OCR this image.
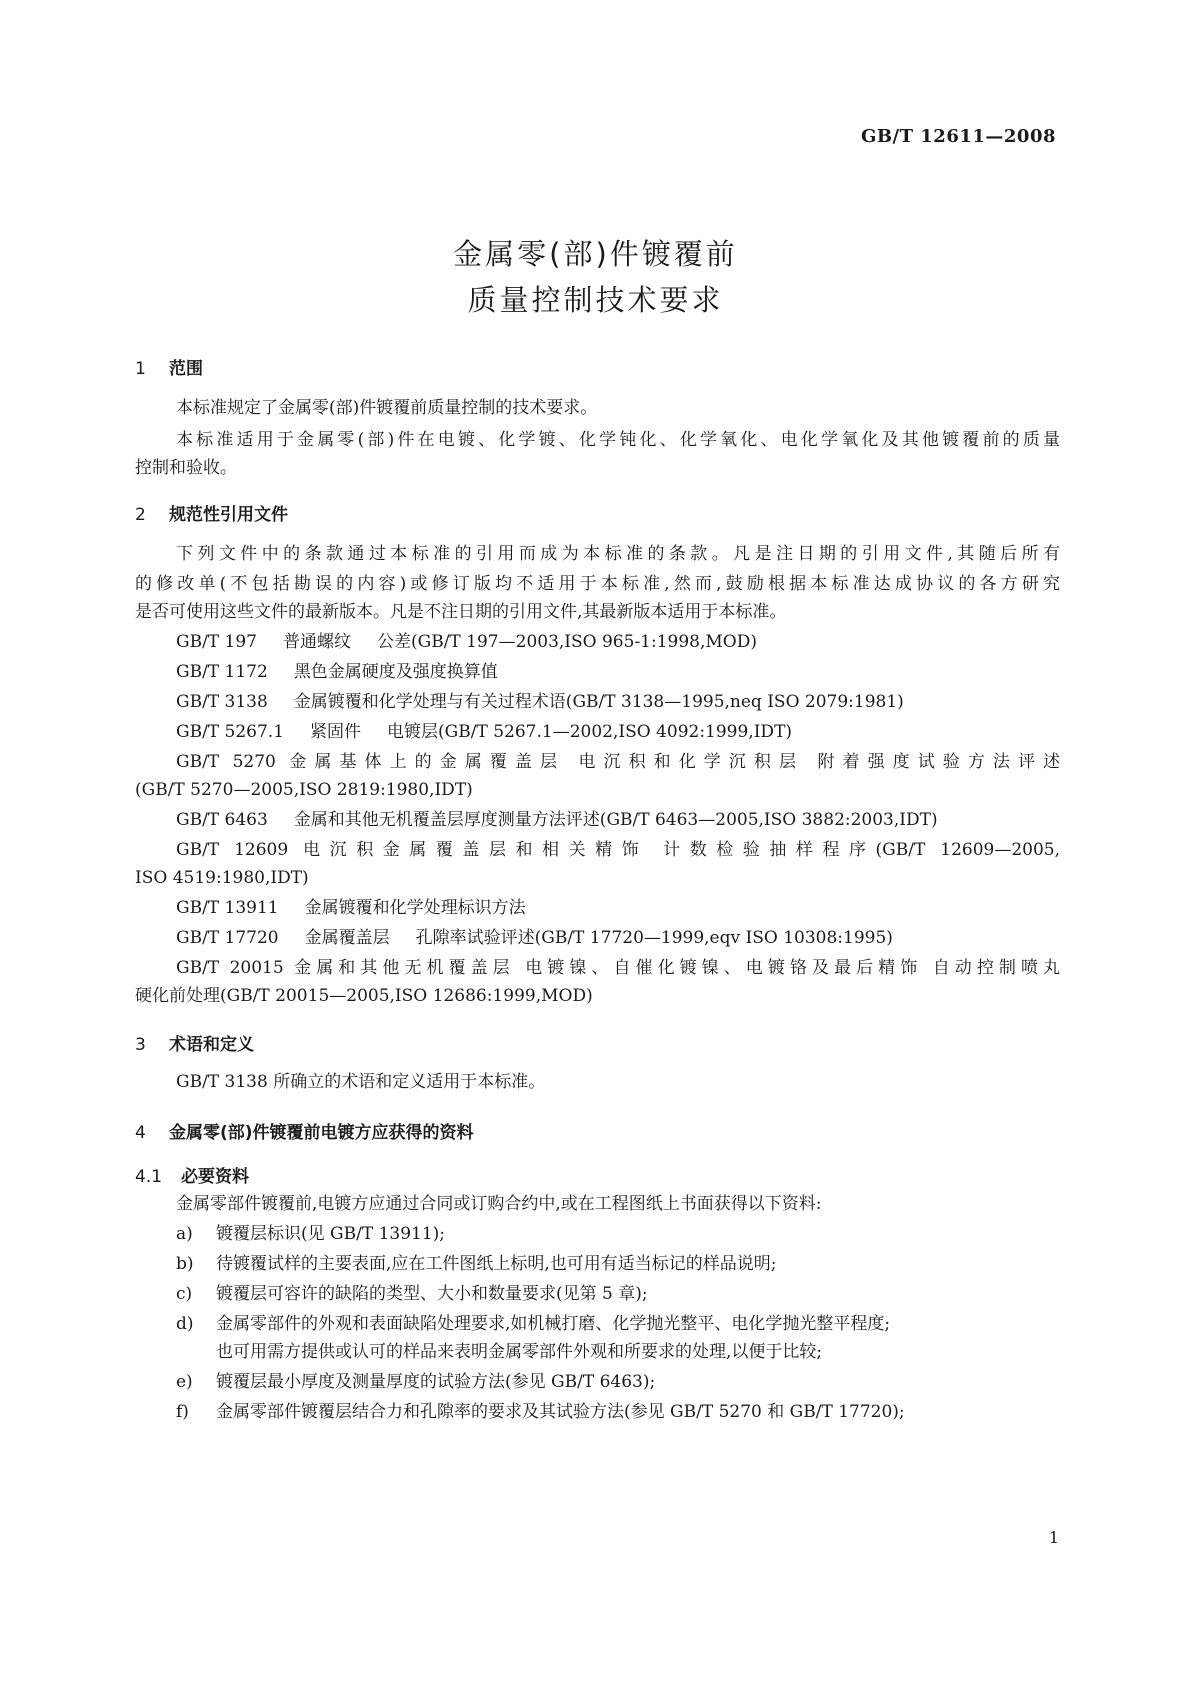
GB/T 12611—2008
金属零(部)件镀覆前
质量控制技术要求
1 范围
本标准规定了金属零(部)件镀覆前质量控制的技术要求。
本标准适用于金属零(部)件在电镀、化学镀、化学钝化、化学氧化、电化学氧化及其他镀覆前的质量
控制和验收。
2 规范性引用文件
下列文件中的条款通过本标准的引用而成为本标准的条款。凡是注日期的引用文件,其随后所有
的修改单(不包括勘误的内容)或修订版均不适用于本标准,然而,鼓励根据本标准达成协议的各方研究
是否可使用这些文件的最新版本。凡是不注日期的引用文件,其最新版本适用于本标准。
GB/T 197 普通螺纹 公差(GB/T 197—2003,ISO 965-1:1998,MOD)
GB/T 1172 黑色金属硬度及强度换算值
GB/T 3138 金属镀覆和化学处理与有关过程术语(GB/T 3138—1995,neq ISO 2079:1981)
GB/T 5267.1 紧固件 电镀层(GB/T 5267.1—2002,ISO 4092:1999,IDT)
GB/T 5270 金属基体上的金属覆盖层 电沉积和化学沉积层 附着强度试验方法评述
(GB/T 5270—2005,ISO 2819:1980,IDT)
GB/T 6463 金属和其他无机覆盖层厚度测量方法评述(GB/T 6463—2005,ISO 3882:2003,IDT)
GB/T 12609 电沉积金属覆盖层和相关精饰 计数检验抽样程序(GB/T 12609—2005,
ISO 4519:1980,IDT)
GB/T 13911 金属镀覆和化学处理标识方法
GB/T 17720 金属覆盖层 孔隙率试验评述(GB/T 17720—1999,eqv ISO 10308:1995)
GB/T 20015 金属和其他无机覆盖层 电镀镍、自催化镀镍、电镀铬及最后精饰 自动控制喷丸
硬化前处理(GB/T 20015—2005,ISO 12686:1999,MOD)
3 术语和定义
GB/T 3138 所确立的术语和定义适用于本标准。
4 金属零(部)件镀覆前电镀方应获得的资料
4.1 必要资料
金属零部件镀覆前,电镀方应通过合同或订购合约中,或在工程图纸上书面获得以下资料:
a) 镀覆层标识(见 GB/T 13911);
b) 待镀覆试样的主要表面,应在工件图纸上标明,也可用有适当标记的样品说明;
c) 镀覆层可容许的缺陷的类型、大小和数量要求(见第 5 章);
d) 金属零部件的外观和表面缺陷处理要求,如机械打磨、化学抛光整平、电化学抛光整平程度;
也可用需方提供或认可的样品来表明金属零部件外观和所要求的处理,以便于比较;
e) 镀覆层最小厚度及测量厚度的试验方法(参见 GB/T 6463);
f) 金属零部件镀覆层结合力和孔隙率的要求及其试验方法(参见 GB/T 5270 和 GB/T 17720);
1
